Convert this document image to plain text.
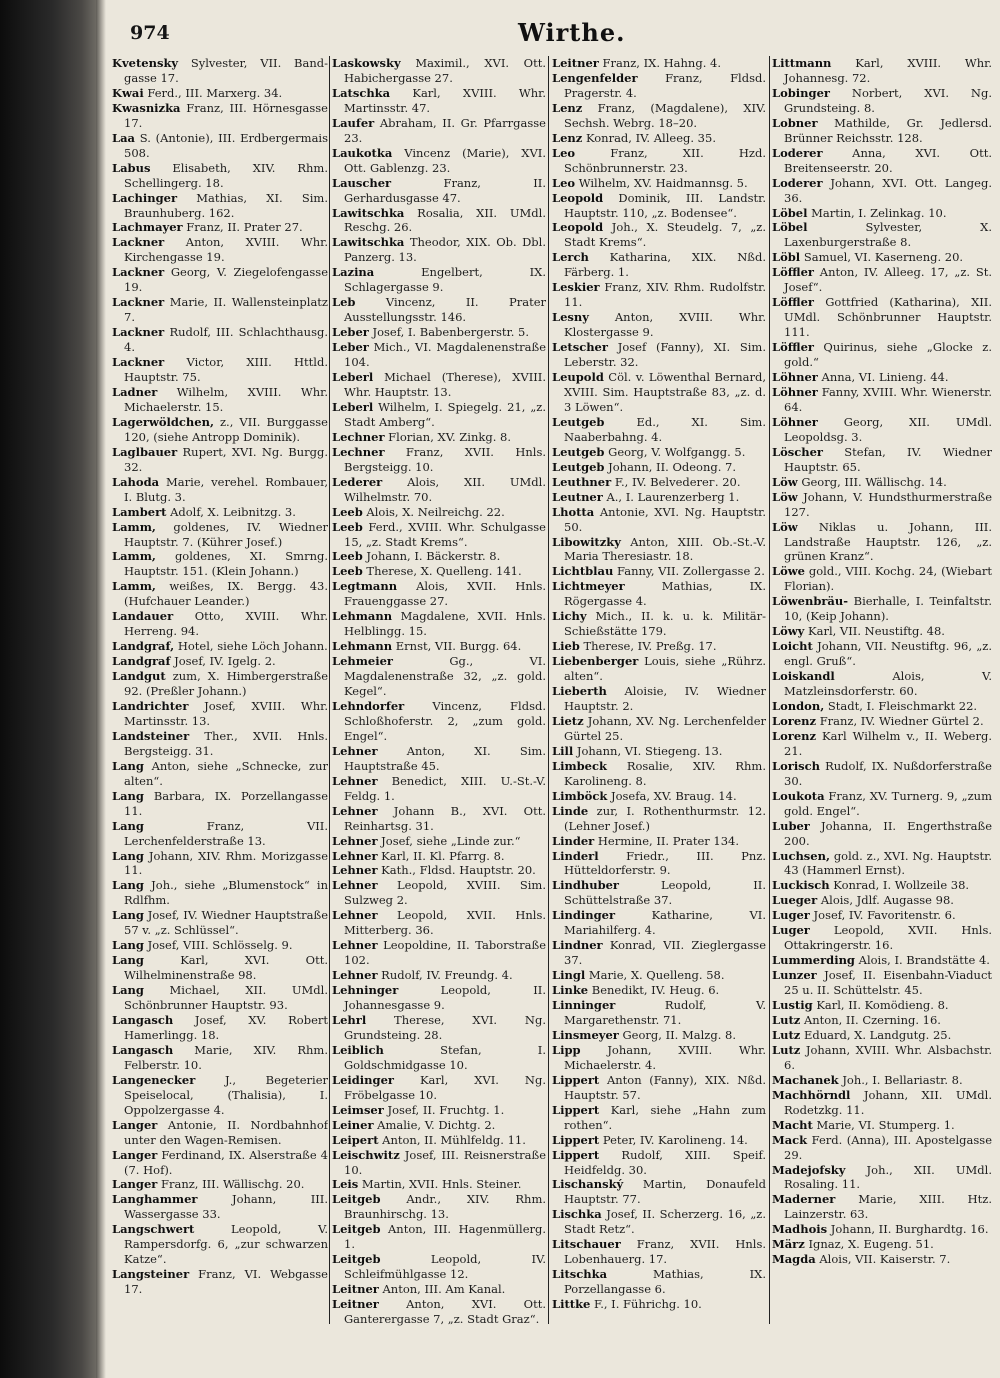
974	Wirthe.

Kvetensky Sylvester, VII. Band-gasse 17.

Kwai Ferd., III. Marxerg. 34.

Kwasnizka Franz, III. Hörnesgasse 17.

Laa S. (Antonie), III. Erdbergermais 508.

Labus Elisabeth, XIV. Rhm. Schellingerg. 18.

Lachinger Mathias, XI. Sim. Braunhuberg. 162.

Lachmayer Franz, II. Prater 27.

Lackner Anton, XVIII. Whr. Kirchengasse 19.

Lackner Georg, V. Ziegelofengasse 19.

Lackner Marie, II. Wallensteinplatz 7.

Lackner Rudolf, III. Schlachthausg. 4.

Lackner Victor, XIII. Httld. Hauptstr. 75.

Ladner Wilhelm, XVIII. Whr. Michaelerstr. 15.

Lagerwöldchen, z., VII. Burggasse 120, (siehe Antropp Dominik).

Laglbauer Rupert, XVI. Ng. Burgg. 32.

Lahoda Marie, verehel. Rombauer, I. Blutg. 3.

Lambert Adolf, X. Leibnitzg. 3.

Lamm, goldenes, IV. Wiedner Hauptstr. 7. (Kührer Josef.)

Lamm, goldenes, XI. Smrng. Hauptstr. 151. (Klein Johann.)

Lamm, weißes, IX. Bergg. 43. (Hufchauer Leander.)

Landauer Otto, XVIII. Whr. Herreng. 94.

Landgraf, Hotel, siehe Löch Johann.

Landgraf Josef, IV. Igelg. 2.

Landgut zum, X. Himbergerstraße 92. (Preßler Johann.)

Landrichter Josef, XVIII. Whr. Martinsstr. 13.

Landsteiner Ther., XVII. Hnls. Bergsteigg. 31.

Lang Anton, siehe „Schnecke, zur alten“.

Lang Barbara, IX. Porzellangasse 11.

Lang	Franz, VII. Lerchenfelderstraße 13.

Lang Johann, XIV. Rhm. Morizgasse 11.

Lang Joh., siehe „Blumenstock“ in Rdlfhm.

Lang Josef, IV. Wiedner Hauptstraße 57 v. „z. Schlüssel“.

Lang Josef, VIII. Schlösselg. 9.

Lang	Karl, XVI. Ott. Wilhelminenstraße 98.

Lang Michael, XII. UMdl. Schönbrunner Hauptstr. 93.

Langasch Josef, XV. Robert Hamerlingg. 18.

Langasch Marie, XIV. Rhm. Felberstr. 10.

Langenecker	J., Begeterier Speiselocal, (Thalisia), I. Oppolzergasse 4.

Langer Antonie, II. Nordbahnhof unter den Wagen-Remisen.

Langer Ferdinand, IX. Alserstraße 4 (7. Hof).

Langer Franz, III. Wällischg. 20.

Langhammer	Johann, III. Wassergasse 33.

Langschwert	Leopold, V. Rampersdorfg. 6, „zur schwarzen Katze“.

Langsteiner Franz, VI. Webgasse 17.

Laskowsky Maximil., XVI. Ott. Habichergasse 27.

Latschka Karl, XVIII. Whr. Martinsstr. 47.

Laufer Abraham, II. Gr. Pfarrgasse 23.

Laukotka Vincenz (Marie), XVI. Ott. Gablenzg. 23.

Lauscher	Franz, II. Gerhardusgasse 47.

Lawitschka Rosalia, XII. UMdl. Reschg. 26.

Lawitschka Theodor, XIX. Ob. Dbl. Panzerg. 13.

Lazina	Engelbert, IX. Schlagergasse 9.

Leb	Vincenz, II. Prater Ausstellungsstr. 146.

Leber Josef, I. Babenbergerstr. 5.

Leber Mich., VI. Magdalenenstraße 104.

Leberl Michael (Therese), XVIII. Whr. Hauptstr. 13.

Leberl Wilhelm, I. Spiegelg. 21, „z. Stadt Amberg“.

Lechner Florian, XV. Zinkg. 8.

Lechner Franz, XVII. Hnls. Bergsteigg. 10.

Lederer Alois, XII. UMdl. Wilhelmstr. 70.

Leeb Alois, X. Neilreichg. 22.

Leeb Ferd., XVIII. Whr. Schulgasse 15, „z. Stadt Krems“.

Leeb Johann, I. Bäckerstr. 8.

Leeb Therese, X. Quelleng. 141.

Legtmann Alois, XVII. Hnls. Frauenggasse 27.

Lehmann Magdalene, XVII. Hnls. Helblingg. 15.

Lehmann Ernst, VII. Burgg. 64.

Lehmeier	Gg., VI. Magdalenenstraße 32, „z. gold. Kegel“.

Lehndorfer Vincenz, Fldsd. Schloßhoferstr. 2, „zum gold. Engel“.

Lehner	Anton, XI. Sim. Hauptstraße 45.

Lehner Benedict, XIII. U.-St.-V. Feldg. 1.

Lehner Johann B., XVI. Ott. Reinhartsg. 31.

Lehner Josef, siehe „Linde zur.“

Lehner Karl, II. Kl. Pfarrg. 8.

Lehner Kath., Fldsd. Hauptstr. 20.

Lehner Leopold, XVIII. Sim. Sulzweg 2.

Lehner Leopold, XVII. Hnls. Mitterberg. 36.

Lehner Leopoldine, II. Taborstraße 102.

Lehner Rudolf, IV. Freundg. 4.

Lehninger	Leopold, II. Johannesgasse 9.

Lehrl Therese, XVI. Ng. Grundsteing. 28.

Leiblich	Stefan, I. Goldschmidgasse 10.

Leidinger Karl, XVI. Ng. Fröbelgasse 10.

Leimser Josef, II. Fruchtg. 1.

Leiner Amalie, V. Dichtg. 2.

Leipert Anton, II. Mühlfeldg. 11.

Leischwitz Josef, III. Reisnerstraße 10.

Leis Martin, XVII. Hnls. Steiner.

Leitgeb Andr., XIV. Rhm. Braunhirschg. 13.

Leitgeb Anton, III. Hagenmüllerg. 1.

Leitgeb	Leopold, IV. Schleifmühlgasse 12.

Leitner Anton, III. Am Kanal.

Leitner Anton, XVI. Ott. Ganterergasse 7, „z. Stadt Graz“.

Leitner Franz, IX. Hahng. 4.

Lengenfelder Franz, Fldsd. Pragerstr. 4.

Lenz Franz, (Magdalene), XIV. Sechsh. Webrg. 18–20.

Lenz Konrad, IV. Alleeg. 35.

Leo	Franz, XII. Hzd. Schönbrunnerstr. 23.

Leo Wilhelm, XV. Haidmannsg. 5.

Leopold Dominik, III. Landstr. Hauptstr. 110, „z. Bodensee“.

Leopold Joh., X. Steudelg. 7, „z. Stadt Krems“.

Lerch Katharina, XIX. Nßd. Färberg. 1.

Leskier Franz, XIV. Rhm. Rudolfstr. 11.

Lesny Anton, XVIII. Whr. Klostergasse 9.

Letscher Josef (Fanny), XI. Sim. Leberstr. 32.

Leupold Cöl. v. Löwenthal Bernard, XVIII. Sim. Hauptstraße 83, „z. d. 3 Löwen“.

Leutgeb	Ed., XI. Sim. Naaberbahng. 4.

Leutgeb Georg, V. Wolfgangg. 5.

Leutgeb Johann, II. Odeong. 7.

Leuthner F., IV. Belvederег. 20.

Leutner A., I. Laurenzerberg 1.

Lhotta Antonie, XVI. Ng. Hauptstr. 50.

Libowitzky Anton, XIII. Ob.-St.-V. Maria Theresiastr. 18.

Lichtblau Fanny, VII. Zollergasse 2.

Lichtmeyer	Mathias, IX. Rögergasse 4.

Lichy Mich., II. k. u. k. Militär-Schießstätte 179.

Lieb Therese, IV. Preßg. 17.

Liebenberger Louis, siehe „Rührz. alten“.

Lieberth Aloisie, IV. Wiedner Hauptstr. 2.

Lietz Johann, XV. Ng. Lerchenfelder Gürtel 25.

Lill Johann, VI. Stiegeng. 13.

Limbeck Rosalie, XIV. Rhm. Karolineng. 8.

Limböck Josefa, XV. Braug. 14.

Linde zur, I. Rothenthurmstr. 12. (Lehner Josef.)

Linder Hermine, II. Prater 134.

Linderl Friedr., III. Pnz. Hütteldorferstr. 9.

Lindhuber	Leopold, II. Schüttelstraße 37.

Lindinger	Katharine, VI. Mariahilferg. 4.

Lindner Konrad, VII. Zieglergasse 37.

Lingl Marie, X. Quelleng. 58.

Linke Benedikt, IV. Heug. 6.

Linninger	Rudolf, V. Margarethenstr. 71.

Linsmeyer Georg, II. Malzg. 8.

Lipp Johann, XVIII. Whr. Michaelerstr. 4.

Lippert Anton (Fanny), XIX. Nßd. Hauptstr. 57.

Lippert Karl, siehe „Hahn zum rothen“.

Lippert Peter, IV. Karolineng. 14.

Lippert Rudolf, XIII. Speif. Heidfeldg. 30.

Lischanský Martin, Donaufeld Hauptstr. 77.

Lischka Josef, II. Scherzerg. 16, „z. Stadt Retz“.

Litschauer Franz, XVII. Hnls. Lobenhauerg. 17.

Litschka	Mathias, IX. Porzellangasse 6.

Littke F., I. Führichg. 10.

Littmann Karl, XVIII. Whr. Johannesg. 72.

Lobinger Norbert, XVI. Ng. Grundsteing. 8.

Lobner Mathilde, Gr. Jedlersd. Brünner Reichsstr. 128.

Loderer	Anna, XVI. Ott. Breitenseerstr. 20.

Loderer Johann, XVI. Ott. Langeg. 36.

Löbel Martin, I. Zelinkag. 10.

Löbel	Sylvester, X. Laxenburgerstraße 8.

Löbl Samuel, VI. Kaserneng. 20.

Löffler Anton, IV. Alleeg. 17, „z. St. Josef“.

Löffler Gottfried (Katharina), XII. UMdl. Schönbrunner Hauptstr. 111.

Löffler Quirinus, siehe „Glocke z. gold.“

Löhner Anna, VI. Linieng. 44.

Löhner Fanny, XVIII. Whr. Wienerstr. 64.

Löhner Georg, XII. UMdl. Leopoldsg. 3.

Löscher Stefan, IV. Wiedner Hauptstr. 65.

Löw Georg, III. Wällischg. 14.

Löw Johann, V. Hundsthurmerstraße 127.

Löw Niklas u. Johann, III. Landstraße Hauptstr. 126, „z. grünen Kranz“.

Löwe gold., VIII. Kochg. 24, (Wiebart Florian).

Löwenbräu- Bierhalle, I. Teinfaltstr. 10, (Keip Johann).

Löwy Karl, VII. Neustiftg. 48.

Loicht Johann, VII. Neustiftg. 96, „z. engl. Gruß“.

Loiskandl	Alois, V. Matzleinsdorferstr. 60.

London, Stadt, I. Fleischmarkt 22.

Lorenz Franz, IV. Wiedner Gürtel 2.

Lorenz Karl Wilhelm v., II. Weberg. 21.

Lorisch Rudolf, IX. Nußdorferstraße 30.

Loukota Franz, XV. Turnerg. 9, „zum gold. Engel“.

Luber Johanna, II. Engerthstraße 200.

Luchsen, gold. z., XVI. Ng. Hauptstr. 43 (Hammerl Ernst).

Luckisch Konrad, I. Wollzeile 38.

Lueger Alois, Jdlf. Augasse 98.

Luger Josef, IV. Favoritenstr. 6.

Luger Leopold, XVII. Hnls. Ottakringerstr. 16.

Lummerding Alois, I. Brandstätte 4.

Lunzer Josef, II. Eisenbahn-Viaduct 25 u. II. Schüttelstr. 45.

Lustig Karl, II. Komödieng. 8.

Lutz Anton, II. Czerning. 16.

Lutz Eduard, X. Landgutg. 25.

Lutz Johann, XVIII. Whr. Alsbachstr. 6.

Machanek Joh., I. Bellariastr. 8.

Machhörndl Johann, XII. UMdl. Rodetzkg. 11.

Macht Marie, VI. Stumperg. 1.

Mack Ferd. (Anna), III. Apostelgasse 29.

Madejofsky Joh., XII. UMdl. Rosaling. 11.

Maderner Marie, XIII. Htz. Lainzerstr. 63.

Madhois Johann, II. Burghardtg. 16.

März Ignaz, X. Eugeng. 51.

Magda Alois, VII. Kaiserstr. 7.
